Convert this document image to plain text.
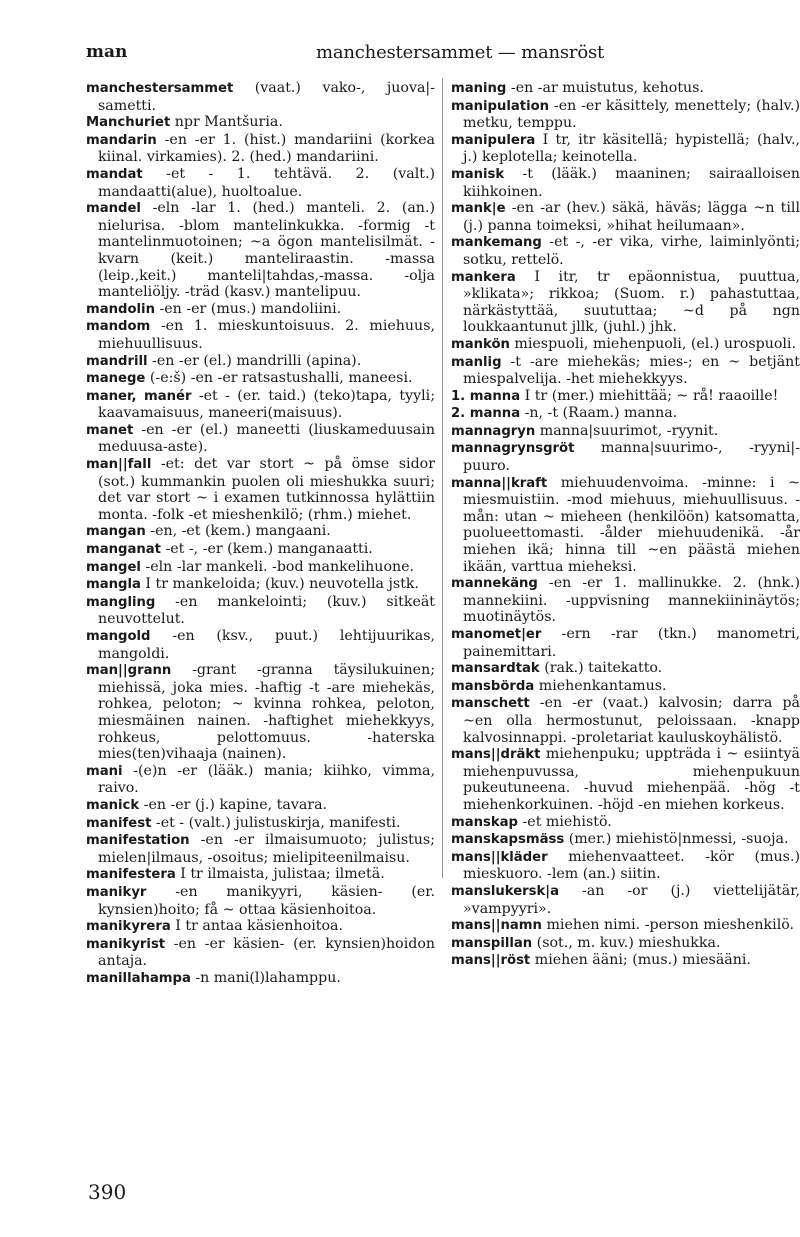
man	manchestersammet — mansröst

manchestersammet (vaat.) vako-, juova|-sametti.

Manchuriet npr Mantšuria.

mandarin -en -er 1. (hist.) mandariini (korkea kiinal. virkamies). 2. (hed.) mandariini.

mandat -et - 1. tehtävä. 2. (valt.) mandaatti(alue), huoltoalue.

mandel -eln -lar 1. (hed.) manteli. 2. (an.) nielurisa. -blom mantelinkukka. -formig -t mantelinmuotoinen; ~a ögon mantelisilmät. -kvarn (keit.) manteliraastin. -massa (leip.,keit.) manteli|tahdas,-massa. -olja manteliöljy. -träd (kasv.) mantelipuu.

mandolin -en -er (mus.) mandoliini.

mandom -en 1. mieskuntoisuus. 2. miehuus, miehuullisuus.

mandrill -en -er (el.) mandrilli (apina).

manege (-e:š) -en -er ratsastushalli, maneesi.

maner, manér -et - (er. taid.) (teko)tapa, tyyli; kaavamaisuus, maneeri(maisuus).

manet -en -er (el.) maneetti (liuskameduusain meduusa-aste).

man||fall -et: det var stort ~ på ömse sidor (sot.) kummankin puolen oli mieshukka suuri; det var stort ~ i examen tutkinnossa hylättiin monta. -folk -et mieshenkilö; (rhm.) miehet.

mangan -en, -et (kem.) mangaani.

manganat -et -, -er (kem.) manganaatti.

mangel -eln -lar mankeli. -bod mankelihuone.

mangla I tr mankeloida; (kuv.) neuvotella jstk.

mangling -en mankelointi; (kuv.) sitkeät neuvottelut.

mangold -en (ksv., puut.) lehtijuurikas, mangoldi.

man||grann -grant -granna täysilukuinen; miehissä, joka mies. -haftig -t -are miehekäs, rohkea, peloton; ~ kvinna rohkea, peloton, miesmäinen nainen. -haftighet miehekkyys, rohkeus, pelottomuus. -haterska mies(ten)vihaaja (nainen).

mani -(e)n -er (lääk.) mania; kiihko, vimma, raivo.

manick -en -er (j.) kapine, tavara.

manifest -et - (valt.) julistuskirja, manifesti.

manifestation -en -er ilmaisumuoto; julistus; mielen|ilmaus, -osoitus; mielipiteenilmaisu.

manifestera I tr ilmaista, julistaa; ilmetä.

manikyr -en manikyyri, käsien- (er. kynsien)hoito; få ~ ottaa käsienhoitoa.

manikyrera I tr antaa käsienhoitoa.

manikyrist -en -er käsien- (er. kynsien)hoidon antaja.

manillahampa -n mani(l)lahamppu.

maning -en -ar muistutus, kehotus.

manipulation -en -er käsittely, menettely; (halv.) metku, temppu.

manipulera I tr, itr käsitellä; hypistellä; (halv., j.) keplotella; keinotella.

manisk -t (lääk.) maaninen; sairaalloisen kiihkoinen.

mank|e -en -ar (hev.) säkä, häväs; lägga ~n till (j.) panna toimeksi, »hihat heilumaan».

mankemang -et -, -er vika, virhe, laiminlyönti; sotku, rettelö.

mankera I itr, tr epäonnistua, puuttua, »klikata»; rikkoa; (Suom. r.) pahastuttaa, närkästyttää, suututtaa; ~d på ngn loukkaantunut jllk, (juhl.) jhk.

mankön miespuoli, miehenpuoli, (el.) urospuoli.

manlig -t -are miehekäs; mies-; en ~ betjänt miespalvelija. -het miehekkyys.

1. manna I tr (mer.) miehittää; ~ rå! raaoille!

2. manna -n, -t (Raam.) manna.

mannagryn manna|suurimot, -ryynit.

mannagrynsgröt manna|suurimo-, -ryyni|-puuro.

manna||kraft miehuudenvoima. -minne: i ~ miesmuistiin. -mod miehuus, miehuullisuus. -mån: utan ~ mieheen (henkilöön) katsomatta, puolueettomasti. -ålder miehuudenikä. -år miehen ikä; hinna till ~en päästä miehen ikään, varttua mieheksi.

mannekäng -en -er 1. mallinukke. 2. (hnk.) mannekiini. -uppvisning mannekiininäytös; muotinäytös.

manomet|er -ern -rar (tkn.) manometri, painemittari.

mansardtak (rak.) taitekatto.

mansbörda miehenkantamus.

manschett -en -er (vaat.) kalvosin; darra på ~en olla hermostunut, peloissaan. -knapp kalvosinnappi. -proletariat kauluskoyhälistö.

mans||dräkt miehenpuku; uppträda i ~ esiintyä miehenpuvussa, miehenpukuun pukeutuneena. -huvud miehenpää. -hög -t miehenkorkuinen. -höjd -en miehen korkeus.

manskap -et miehistö.

manskapsmäss (mer.) miehistö|nmessi, -suoja.

mans||kläder miehenvaatteet. -kör (mus.) mieskuoro. -lem (an.) siitin.

manslukersk|a -an -or (j.) viettelijätär, »vampyyri».

mans||namn miehen nimi. -person mieshenkilö.

manspillan (sot., m. kuv.) mieshukka.

mans||röst miehen ääni; (mus.) miesääni.

390
